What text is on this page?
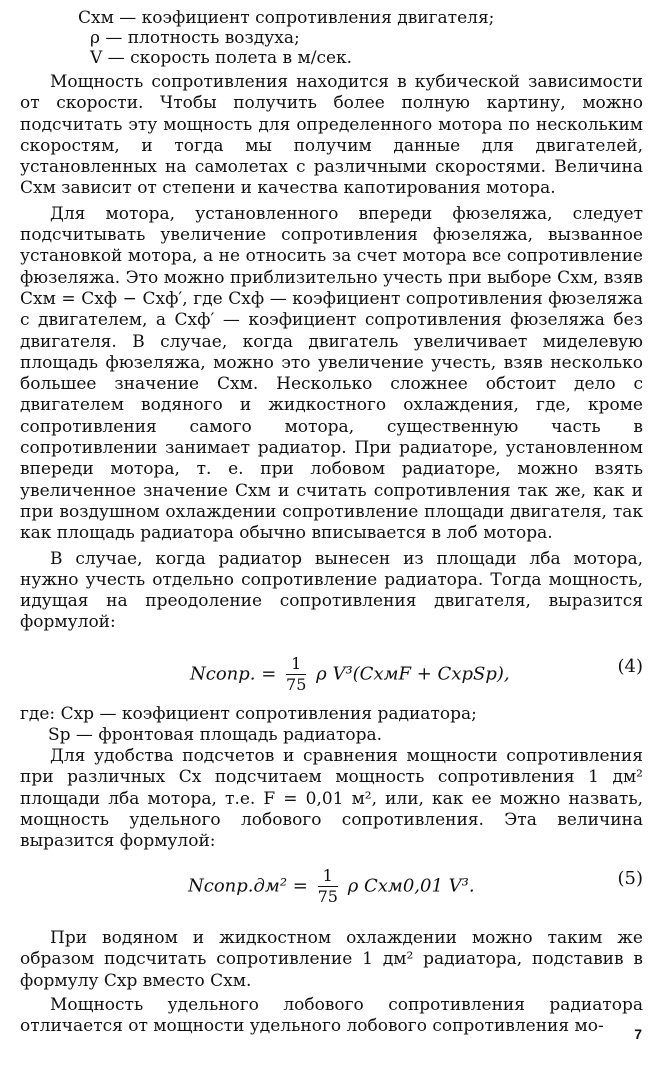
Cхм — коэфициент сопротивления двигателя;
ρ — плотность воздуха;
V — скорость полета в м/сек.

Мощность сопротивления находится в кубической зависимости от скорости. Чтобы получить более полную картину, можно подсчитать эту мощность для определенного мотора по нескольким скоростям, и тогда мы получим данные для двигателей, установленных на самолетах с различными скоростями. Величина Cхм зависит от степени и качества капотирования мотора.

Для мотора, установленного впереди фюзеляжа, следует подсчитывать увеличение сопротивления фюзеляжа, вызванное установкой мотора, а не относить за счет мотора все сопротивление фюзеляжа. Это можно приблизительно учесть при выборе Cхм, взяв Cхм = Cхф − Cхф′, где Cхф — коэфициент сопротивления фюзеляжа с двигателем, а Cхф′ — коэфициент сопротивления фюзеляжа без двигателя. В случае, когда двигатель увеличивает миделевую площадь фюзеляжа, можно это увеличение учесть, взяв несколько большее значение Cхм. Несколько сложнее обстоит дело с двигателем водяного и жидкостного охлаждения, где, кроме сопротивления самого мотора, существенную часть в сопротивлении занимает радиатор. При радиаторе, установленном впереди мотора, т. е. при лобовом радиаторе, можно взять увеличенное значение Cхм и считать сопротивления так же, как и при воздушном охлаждении сопротивление площади двигателя, так как площадь радиатора обычно вписывается в лоб мотора.

В случае, когда радиатор вынесен из площади лба мотора, нужно учесть отдельно сопротивление радиатора. Тогда мощность, идущая на преодоление сопротивления двигателя, выразится формулой:

Nсопр. = $\frac{1}{75}$ ρ V³(CхмF + CхрSр),	(4)
где: Cхр — коэфициент сопротивления радиатора;
Sр — фронтовая площадь радиатора.

Для удобства подсчетов и сравнения мощности сопротивления при различных Cх подсчитаем мощность сопротивления 1 дм² площади лба мотора, т.е. F = 0,01 м², или, как ее можно назвать, мощность удельного лобового сопротивления. Эта величина выразится формулой:

Nсопр.дм² = $\frac{1}{75}$ ρ Cхм0,01 V³.	(5)

При водяном и жидкостном охлаждении можно таким же образом подсчитать сопротивление 1 дм² радиатора, подставив в формулу Cхр вместо Cхм.

Мощность удельного лобового сопротивления радиатора отличается от мощности удельного лобового сопротивления мо-	7
